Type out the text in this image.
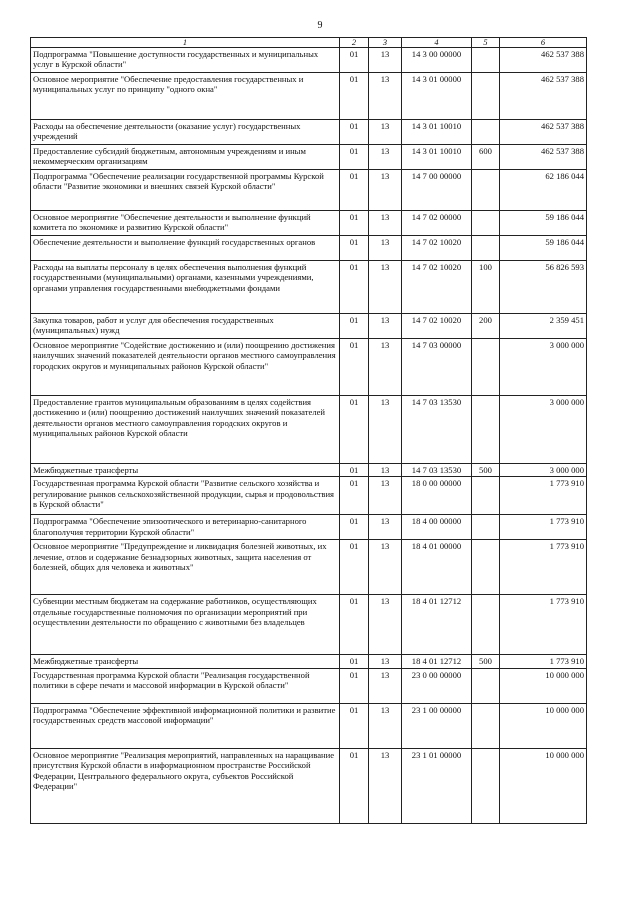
9
1	2	3	4	5	6
Подпрограмма "Повышение доступности государственных и муниципальных услуг в Курской области"	01	13	14 3 00 00000		462 537 388
Основное мероприятие "Обеспечение предоставления государственных и муниципальных услуг по принципу "одного окна"	01	13	14 3 01 00000		462 537 388
Расходы на обеспечение деятельности (оказание услуг) государственных учреждений	01	13	14 3 01 10010		462 537 388
Предоставление субсидий бюджетным, автономным учреждениям и иным некоммерческим организациям	01	13	14 3 01 10010	600	462 537 388
Подпрограмма "Обеспечение реализации государственной программы Курской области "Развитие экономики и внешних связей Курской области"	01	13	14 7 00 00000		62 186 044
Основное мероприятие "Обеспечение деятельности и выполнение функций комитета по экономике и развитию Курской области"	01	13	14 7 02 00000		59 186 044
Обеспечение деятельности и выполнение функций государственных органов	01	13	14 7 02 10020		59 186 044
Расходы на выплаты персоналу в целях обеспечения выполнения функций государственными (муниципальными) органами, казенными учреждениями, органами управления государственными внебюджетными фондами	01	13	14 7 02 10020	100	56 826 593
Закупка товаров, работ и услуг для обеспечения государственных (муниципальных) нужд	01	13	14 7 02 10020	200	2 359 451
Основное мероприятие "Содействие достижению и (или) поощрению достижения наилучших значений показателей деятельности органов местного самоуправления городских округов и муниципальных районов Курской области"	01	13	14 7 03 00000		3 000 000
Предоставление грантов муниципальным образованиям в целях содействия достижению и (или) поощрению достижений наилучших значений показателей деятельности органов местного самоуправления городских округов и муниципальных районов Курской области	01	13	14 7 03 13530		3 000 000
Межбюджетные трансферты	01	13	14 7 03 13530	500	3 000 000
Государственная программа Курской области "Развитие сельского хозяйства и регулирование рынков сельскохозяйственной продукции, сырья и продовольствия в Курской области"	01	13	18 0 00 00000		1 773 910
Подпрограмма "Обеспечение эпизоотического и ветеринарно-санитарного благополучия территории Курской области"	01	13	18 4 00 00000		1 773 910
Основное мероприятие "Предупреждение и ликвидация болезней животных, их лечение, отлов и содержание безнадзорных животных, защита населения от болезней, общих для человека и животных"	01	13	18 4 01 00000		1 773 910
Субвенции местным бюджетам на содержание работников, осуществляющих отдельные государственные полномочия по организации мероприятий при осуществлении деятельности по обращению с животными без владельцев	01	13	18 4 01 12712		1 773 910
Межбюджетные трансферты	01	13	18 4 01 12712	500	1 773 910
Государственная программа Курской области "Реализация государственной политики в сфере печати и массовой информации в Курской области"	01	13	23 0 00 00000		10 000 000
Подпрограмма "Обеспечение эффективной информационной политики и развитие государственных средств массовой информации"	01	13	23 1 00 00000		10 000 000
Основное мероприятие "Реализация мероприятий, направленных на наращивание присутствия Курской области в информационном пространстве Российской Федерации, Центрального федерального округа, субъектов Российской Федерации"	01	13	23 1 01 00000		10 000 000
